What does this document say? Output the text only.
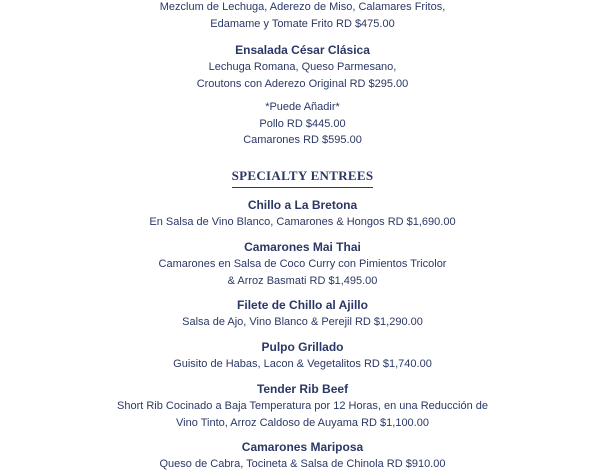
Mezclum de Lechuga, Aderezo de Miso, Calamares Fritos,
Edamame y Tomate Frito RD $475.00
Ensalada César Clásica
Lechuga Romana, Queso Parmesano,
Croutons con Aderezo Original RD $295.00
*Puede Añadir*
Pollo RD $445.00
Camarones RD $595.00
SPECIALTY ENTREES
Chillo a La Bretona
En Salsa de Vino Blanco, Camarones & Hongos RD $1,690.00
Camarones Mai Thai
Camarones en Salsa de Coco Curry con Pimientos Tricolor
& Arroz Basmati RD $1,495.00
Filete de Chillo al Ajillo
Salsa de Ajo, Vino Blanco & Perejil RD $1,290.00
Pulpo Grillado
Guisito de Habas, Lacon & Vegetalitos RD $1,740.00
Tender Rib Beef
Short Rib Cocinado a Baja Temperatura por 12 Horas, en una Reducción de
Vino Tinto, Arroz Caldoso de Auyama RD $1,100.00
Camarones Mariposa
Queso de Cabra, Tocineta & Salsa de Chinola RD $910.00
